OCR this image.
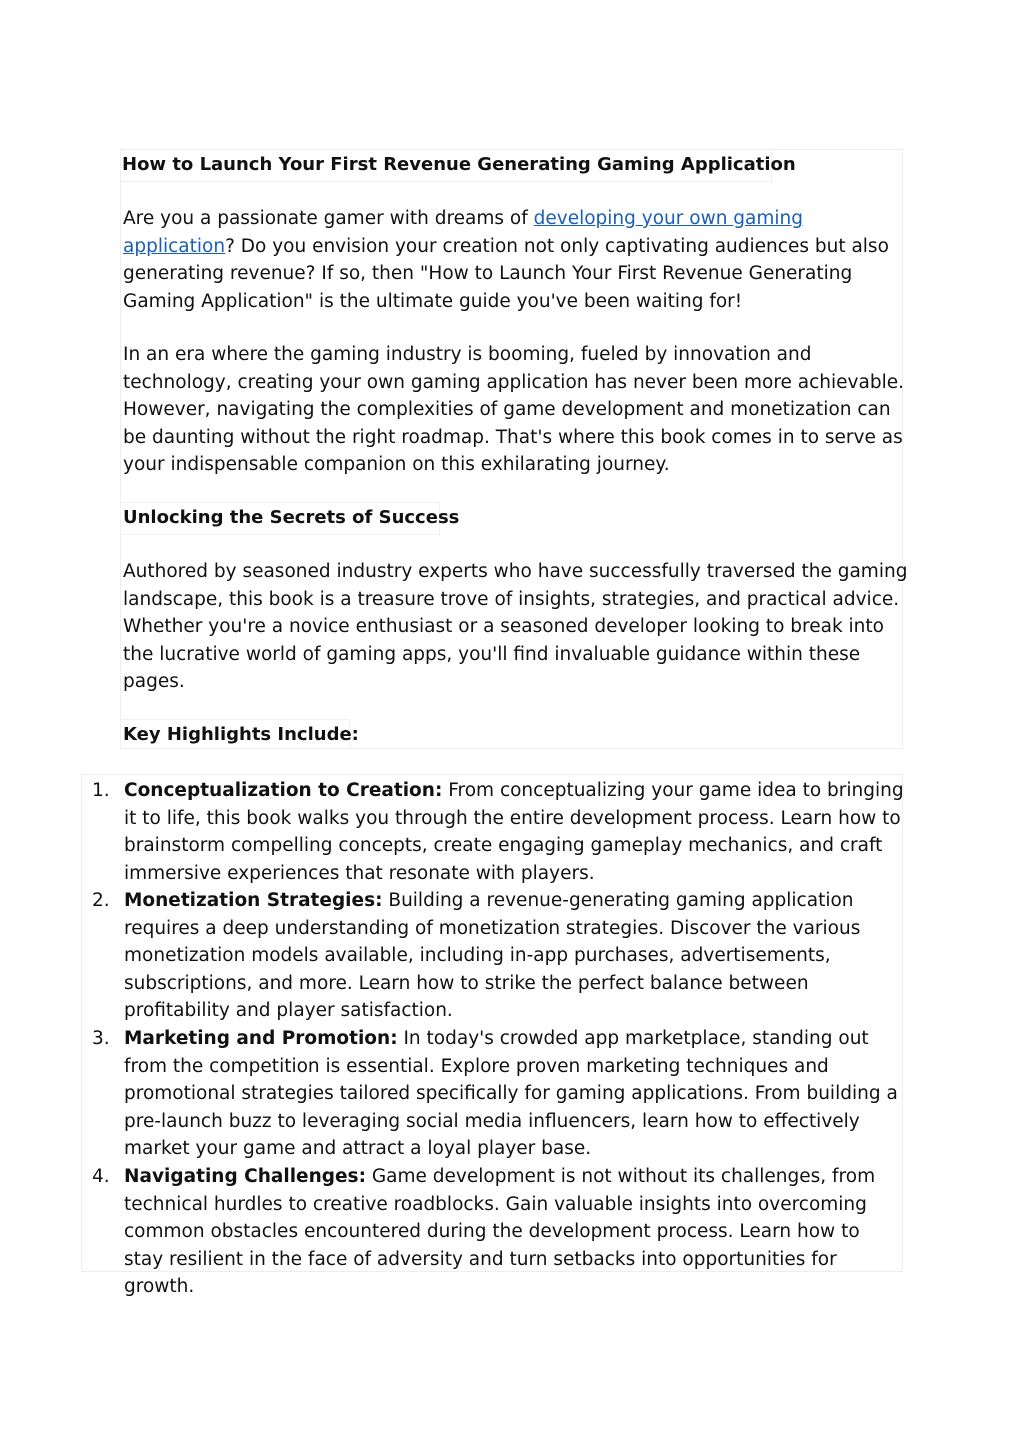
How to Launch Your First Revenue Generating Gaming Application

Are you a passionate gamer with dreams of developing your own gaming application? Do you envision your creation not only captivating audiences but also generating revenue? If so, then "How to Launch Your First Revenue Generating Gaming Application" is the ultimate guide you've been waiting for!

In an era where the gaming industry is booming, fueled by innovation and technology, creating your own gaming application has never been more achievable. However, navigating the complexities of game development and monetization can be daunting without the right roadmap. That's where this book comes in to serve as your indispensable companion on this exhilarating journey.

Unlocking the Secrets of Success

Authored by seasoned industry experts who have successfully traversed the gaming landscape, this book is a treasure trove of insights, strategies, and practical advice. Whether you're a novice enthusiast or a seasoned developer looking to break into the lucrative world of gaming apps, you'll find invaluable guidance within these pages.

Key Highlights Include:
1. Conceptualization to Creation: From conceptualizing your game idea to bringing it to life, this book walks you through the entire development process. Learn how to brainstorm compelling concepts, create engaging gameplay mechanics, and craft immersive experiences that resonate with players.

2. Monetization Strategies: Building a revenue-generating gaming application requires a deep understanding of monetization strategies. Discover the various monetization models available, including in-app purchases, advertisements, subscriptions, and more. Learn how to strike the perfect balance between profitability and player satisfaction.

3. Marketing and Promotion: In today's crowded app marketplace, standing out from the competition is essential. Explore proven marketing techniques and promotional strategies tailored specifically for gaming applications. From building a pre-launch buzz to leveraging social media influencers, learn how to effectively market your game and attract a loyal player base.

4. Navigating Challenges: Game development is not without its challenges, from technical hurdles to creative roadblocks. Gain valuable insights into overcoming common obstacles encountered during the development process. Learn how to stay resilient in the face of adversity and turn setbacks into opportunities for growth.
